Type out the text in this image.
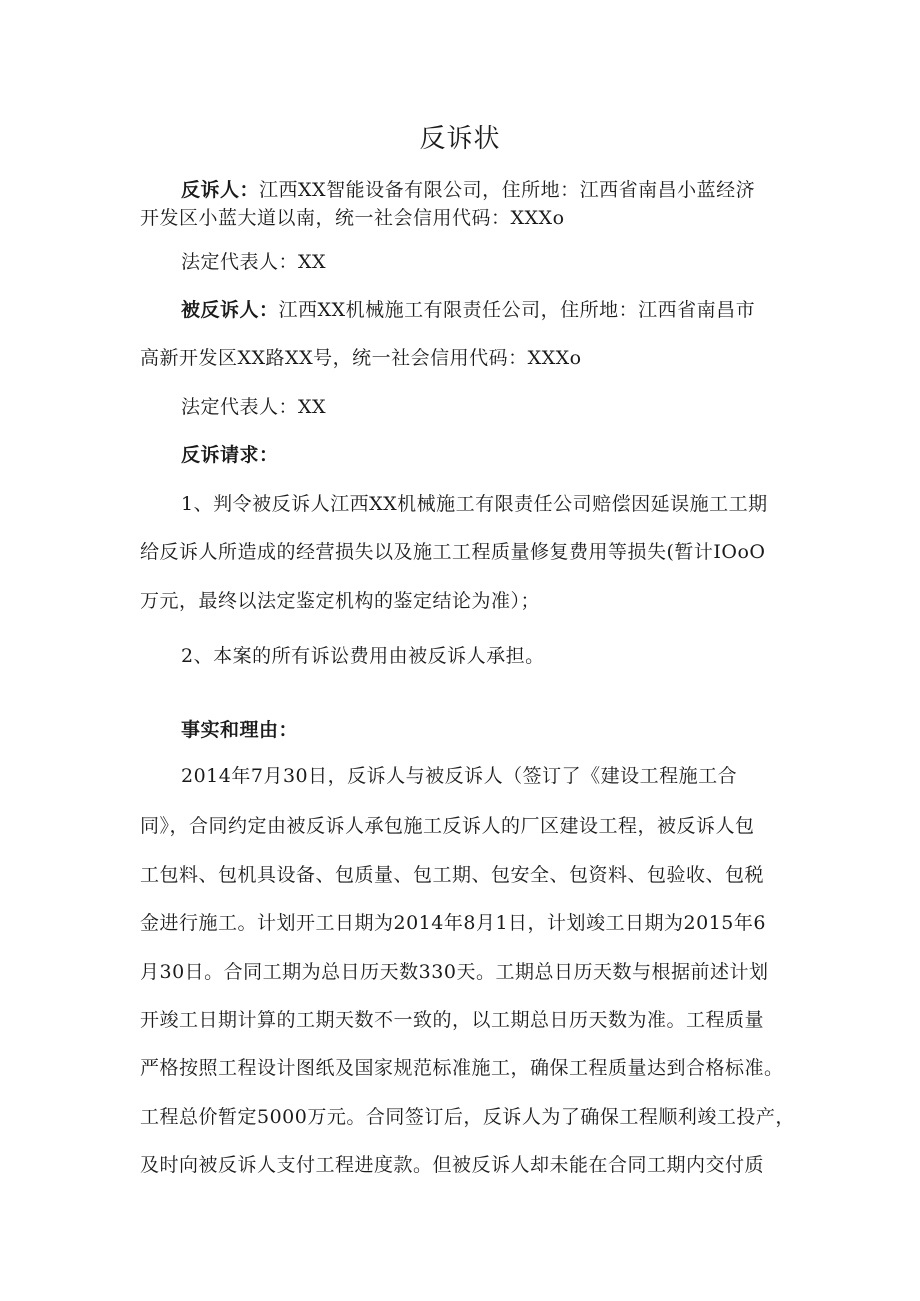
反诉状
反诉人：江西XX智能设备有限公司，住所地：江西省南昌小蓝经济
开发区小蓝大道以南，统一社会信用代码：XXXo
法定代表人：XX
被反诉人：江西XX机械施工有限责任公司，住所地：江西省南昌市
高新开发区XX路XX号，统一社会信用代码：XXXo
法定代表人：XX
反诉请求：
1、判令被反诉人江西XX机械施工有限责任公司赔偿因延误施工工期
给反诉人所造成的经营损失以及施工工程质量修复费用等损失(暂计IOoO
万元，最终以法定鉴定机构的鉴定结论为准）；
2、本案的所有诉讼费用由被反诉人承担。
事实和理由：
2014年7月30日，反诉人与被反诉人（签订了《建设工程施工合
同》，合同约定由被反诉人承包施工反诉人的厂区建设工程，被反诉人包
工包料、包机具设备、包质量、包工期、包安全、包资料、包验收、包税
金进行施工。计划开工日期为2014年8月1日，计划竣工日期为2015年6
月30日。合同工期为总日历天数330天。工期总日历天数与根据前述计划
开竣工日期计算的工期天数不一致的，以工期总日历天数为准。工程质量
严格按照工程设计图纸及国家规范标准施工，确保工程质量达到合格标准。
工程总价暂定5000万元。合同签订后，反诉人为了确保工程顺利竣工投产，
及时向被反诉人支付工程进度款。但被反诉人却未能在合同工期内交付质
